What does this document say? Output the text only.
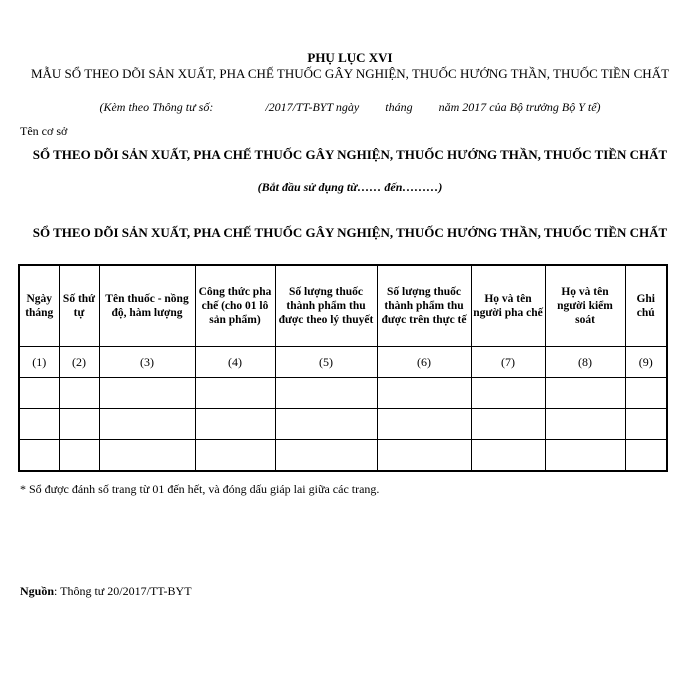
PHỤ LỤC XVI
MẪU SỔ THEO DÕI SẢN XUẤT, PHA CHẾ THUỐC GÂY NGHIỆN, THUỐC HƯỚNG THẦN, THUỐC TIỀN CHẤT
(Kèm theo Thông tư số:	/2017/TT-BYT ngày tháng năm 2017 của Bộ trưởng Bộ Y tế)
Tên cơ sở
SỔ THEO DÕI SẢN XUẤT, PHA CHẾ THUỐC GÂY NGHIỆN, THUỐC HƯỚNG THẦN, THUỐC TIỀN CHẤT
(Bắt đầu sử dụng từ…… đến………)
SỔ THEO DÕI SẢN XUẤT, PHA CHẾ THUỐC GÂY NGHIỆN, THUỐC HƯỚNG THẦN, THUỐC TIỀN CHẤT
Ngày tháng	Số thứ tự	Tên thuốc - nồng độ, hàm lượng	Công thức pha chế (cho 01 lô sản phẩm)	Số lượng thuốc thành phẩm thu được theo lý thuyết	Số lượng thuốc thành phẩm thu được trên thực tế	Họ và tên người pha chế	Họ và tên người kiểm soát	Ghi chú
(1)	(2)	(3)	(4)	(5)	(6)	(7)	(8)	(9)

* Sổ được đánh số trang từ 01 đến hết, và đóng dấu giáp lai giữa các trang.
Nguồn: Thông tư 20/2017/TT-BYT
